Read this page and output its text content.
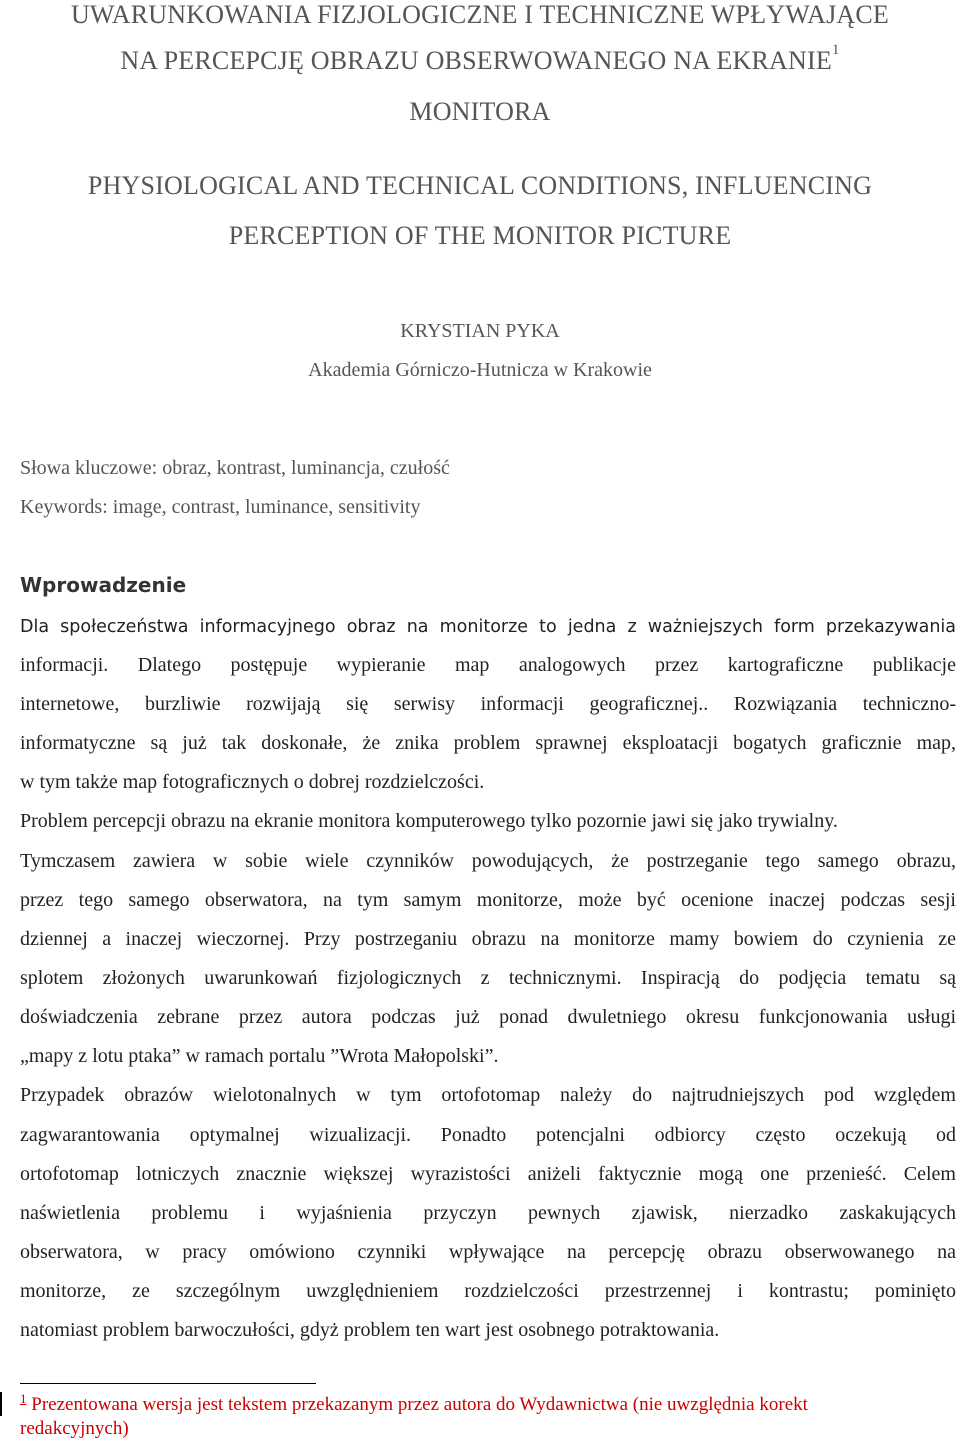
UWARUNKOWANIA FIZJOLOGICZNE I TECHNICZNE WPŁYWAJĄCE
NA PERCEPCJĘ OBRAZU OBSERWOWANEGO NA EKRANIE$^1$
MONITORA
PHYSIOLOGICAL AND TECHNICAL CONDITIONS, INFLUENCING
PERCEPTION OF THE MONITOR PICTURE
KRYSTIAN PYKA
Akademia Górniczo-Hutnicza w Krakowie
Słowa kluczowe: obraz, kontrast, luminancja, czułość
Keywords: image, contrast, luminance, sensitivity
Wprowadzenie
Dla społeczeństwa informacyjnego obraz na monitorze to jedna z ważniejszych form przekazywania
informacji. Dlatego postępuje wypieranie map analogowych przez kartograficzne publikacje
internetowe, burzliwie rozwijają się serwisy informacji geograficznej.. Rozwiązania techniczno-
informatyczne są już tak doskonałe, że znika problem sprawnej eksploatacji bogatych graficznie map,
w tym także map fotograficznych o dobrej rozdzielczości.
Problem percepcji obrazu na ekranie monitora komputerowego tylko pozornie jawi się jako trywialny.
Tymczasem zawiera w sobie wiele czynników powodujących, że postrzeganie tego samego obrazu,
przez tego samego obserwatora, na tym samym monitorze, może być ocenione inaczej podczas sesji
dziennej a inaczej wieczornej. Przy postrzeganiu obrazu na monitorze mamy bowiem do czynienia ze
splotem złożonych uwarunkowań fizjologicznych z technicznymi. Inspiracją do podjęcia tematu są
doświadczenia zebrane przez autora podczas już ponad dwuletniego okresu funkcjonowania usługi
„mapy z lotu ptaka” w ramach portalu ”Wrota Małopolski”.
Przypadek obrazów wielotonalnych w tym ortofotomap należy do najtrudniejszych pod względem
zagwarantowania optymalnej wizualizacji. Ponadto potencjalni odbiorcy często oczekują od
ortofotomap lotniczych znacznie większej wyrazistości aniżeli faktycznie mogą one przenieść. Celem
naświetlenia problemu i wyjaśnienia przyczyn pewnych zjawisk, nierzadko zaskakujących
obserwatora, w pracy omówiono czynniki wpływające na percepcję obrazu obserwowanego na
monitorze, ze szczególnym uwzględnieniem rozdzielczości przestrzennej i kontrastu; pominięto
natomiast problem barwoczułości, gdyż problem ten wart jest osobnego potraktowania.
$^1$ Prezentowana wersja jest tekstem przekazanym przez autora do Wydawnictwa (nie uwzględnia korekt
redakcyjnych)
